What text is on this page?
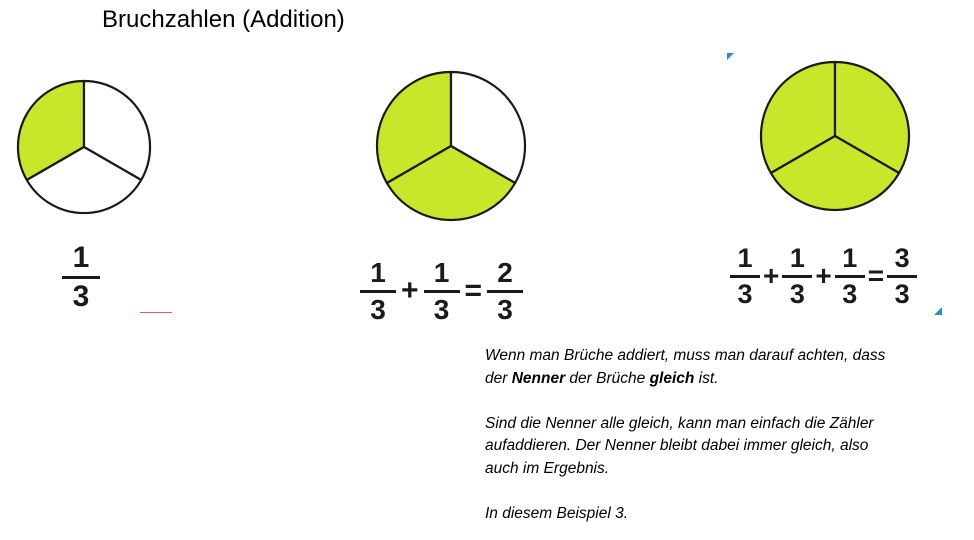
Bruchzahlen (Addition)
$\frac{1}{3}$	$\frac{1}{3} + \frac{1}{3} = \frac{2}{3}$	$\frac{1}{3} + \frac{1}{3} + \frac{1}{3} = \frac{3}{3}$

Wenn man Brüche addiert, muss man darauf achten, dass der Nenner der Brüche gleich ist.

Sind die Nenner alle gleich, kann man einfach die Zähler aufaddieren. Der Nenner bleibt dabei immer gleich, also auch im Ergebnis.

In diesem Beispiel 3.
